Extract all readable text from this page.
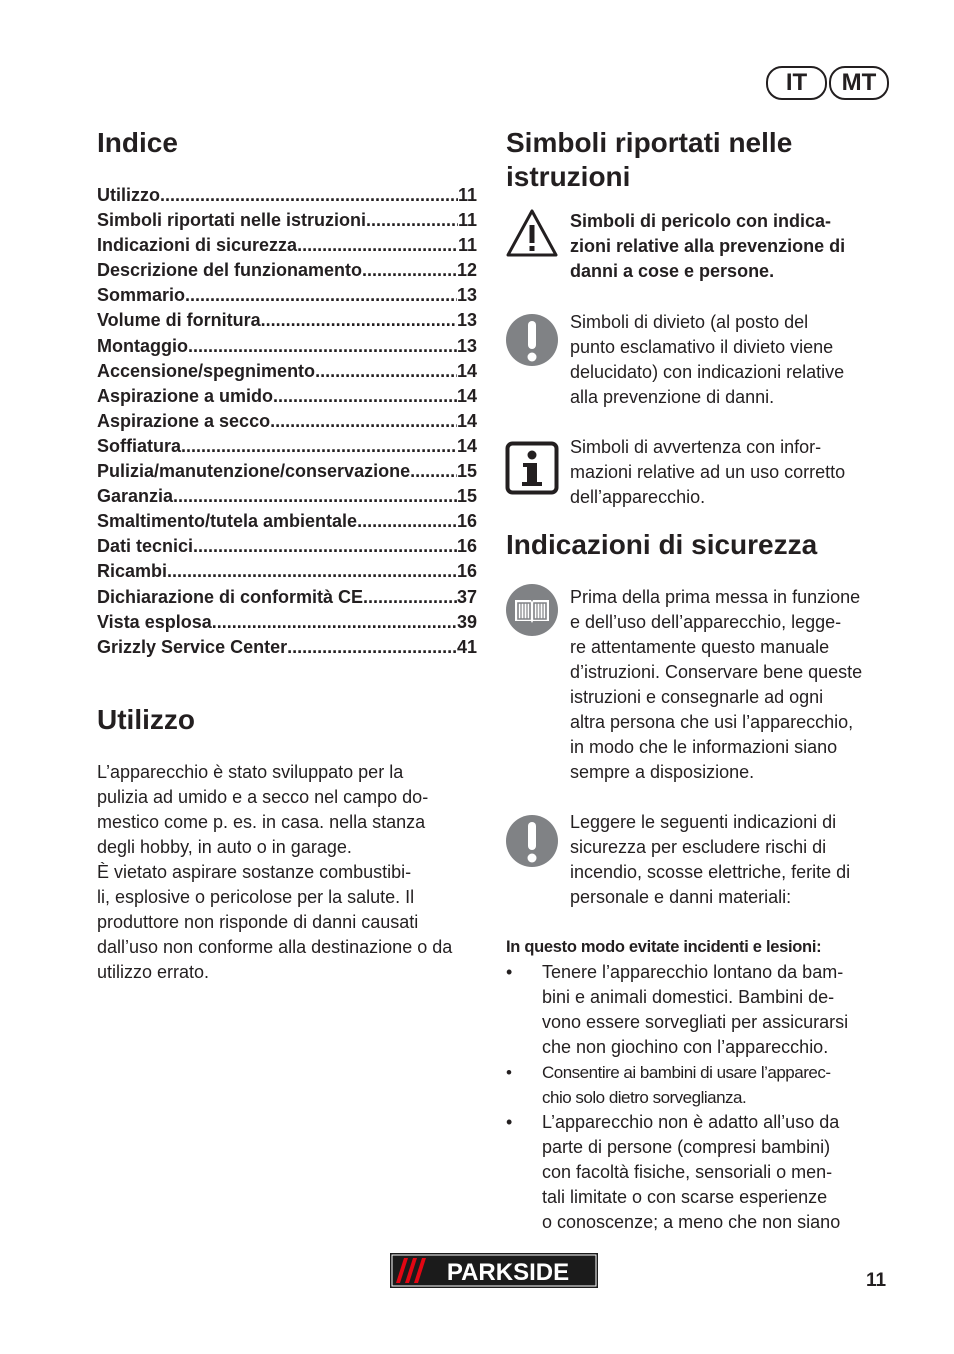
IT	MT
Indice
Utilizzo .....	11
Simboli riportati nelle istruzioni .....	11
Indicazioni di sicurezza .....	11
Descrizione del funzionamento .....	12
Sommario .....	13
Volume di fornitura .....	13
Montaggio .....	13
Accensione/spegnimento .....	14
Aspirazione a umido .....	14
Aspirazione a secco .....	14
Soffiatura .....	14
Pulizia/manutenzione/conservazione .....	15
Garanzia .....	15
Smaltimento/tutela ambientale .....	16
Dati tecnici .....	16
Ricambi .....	16
Dichiarazione di conformità CE .....	37
Vista esplosa .....	39
Grizzly Service Center .....	41
Utilizzo
L’apparecchio è stato sviluppato per la
pulizia ad umido e a secco nel campo do-
mestico come p. es. in casa. nella stanza
degli hobby, in auto o in garage.
È vietato aspirare sostanze combustibi-
li, esplosive o pericolose per la salute. Il
produttore non risponde di danni causati
dall’uso non conforme alla destinazione o da
utilizzo errato.
Simboli riportati nelle istruzioni
Simboli di pericolo con indica-
zioni relative alla prevenzione di
danni a cose e persone.
Simboli di divieto (al posto del
punto esclamativo il divieto viene
delucidato) con indicazioni relative
alla prevenzione di danni.
Simboli di avvertenza con infor-
mazioni relative ad un uso corretto
dell’apparecchio.
Indicazioni di sicurezza
Prima della prima messa in funzione
e dell’uso dell’apparecchio, legge-
re attentamente questo manuale
d’istruzioni. Conservare bene queste
istruzioni e consegnarle ad ogni
altra persona che usi l’apparecchio,
in modo che le informazioni siano
sempre a disposizione.
Leggere le seguenti indicazioni di
sicurezza per escludere rischi di
incendio, scosse elettriche, ferite di
personale e danni materiali:
In questo modo evitate incidenti e lesioni:
• Tenere l’apparecchio lontano da bam-
bini e animali domestici. Bambini de-
vono essere sorvegliati per assicurarsi
che non giochino con l’apparecchio.
• Consentire ai bambini di usare l’apparec-
chio solo dietro sorveglianza.
• L’apparecchio non è adatto all’uso da
parte di persone (compresi bambini)
con facoltà fisiche, sensoriali o men-
tali limitate o con scarse esperienze
o conoscenze; a meno che non siano
PARKSIDE	11
